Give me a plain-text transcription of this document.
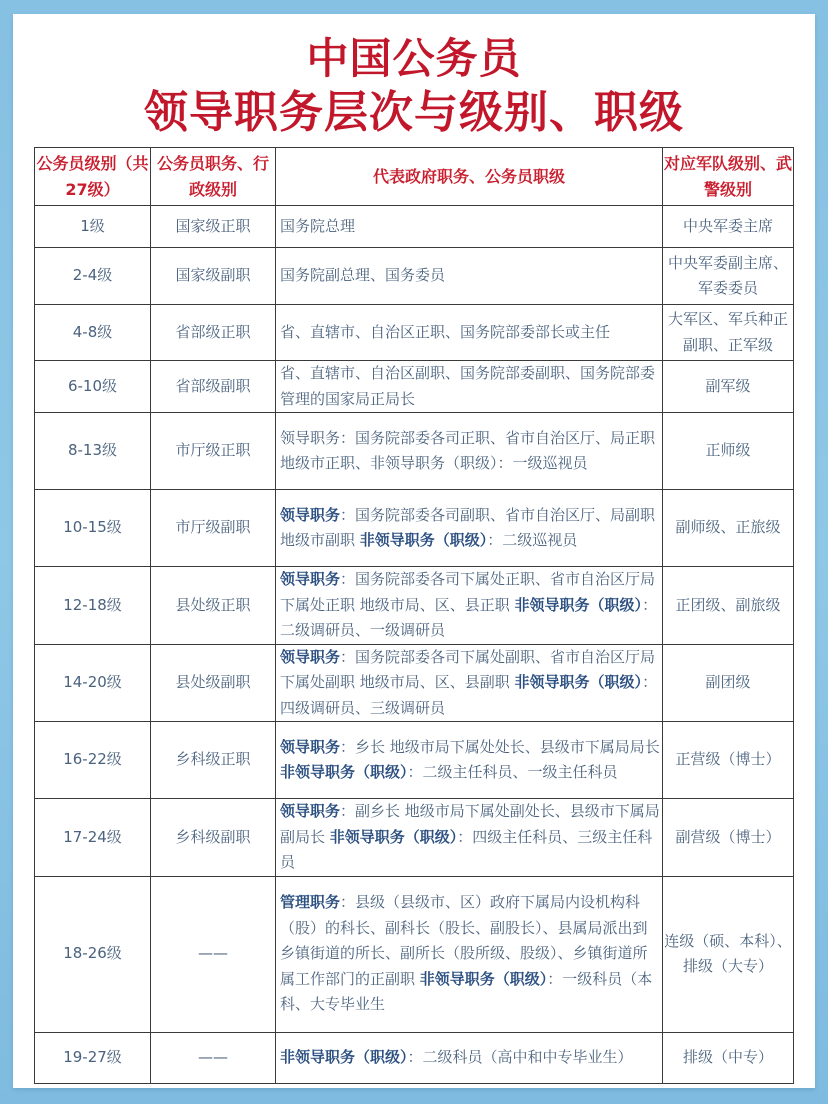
中国公务员
领导职务层次与级别、职级
公务员级别（共27级）	公务员职务、行政级别	代表政府职务、公务员职级	对应军队级别、武警级别
1级	国家级正职	国务院总理	中央军委主席
2-4级	国家级副职	国务院副总理、国务委员	中央军委副主席、军委委员
4-8级	省部级正职	省、直辖市、自治区正职、国务院部委部长或主任	大军区、军兵种正副职、正军级
6-10级	省部级副职	省、直辖市、自治区副职、国务院部委副职、国务院部委管理的国家局正局长	副军级
8-13级	市厅级正职	领导职务：国务院部委各司正职、省市自治区厅、局正职 地级市正职、非领导职务（职级）：一级巡视员	正师级
10-15级	市厅级副职	领导职务：国务院部委各司副职、省市自治区厅、局副职 地级市副职 非领导职务（职级）：二级巡视员	副师级、正旅级
12-18级	县处级正职	领导职务：国务院部委各司下属处正职、省市自治区厅局下属处正职 地级市局、区、县正职 非领导职务（职级）：二级调研员、一级调研员	正团级、副旅级
14-20级	县处级副职	领导职务：国务院部委各司下属处副职、省市自治区厅局下属处副职 地级市局、区、县副职 非领导职务（职级）：四级调研员、三级调研员	副团级
16-22级	乡科级正职	领导职务：乡长 地级市局下属处处长、县级市下属局局长 非领导职务（职级）：二级主任科员、一级主任科员	正营级（博士）
17-24级	乡科级副职	领导职务：副乡长 地级市局下属处副处长、县级市下属局副局长 非领导职务（职级）：四级主任科员、三级主任科员	副营级（博士）
18-26级	——	管理职务：县级（县级市、区）政府下属局内设机构科（股）的科长、副科长（股长、副股长）、县属局派出到乡镇街道的所长、副所长（股所级、股级）、乡镇街道所属工作部门的正副职 非领导职务（职级）：一级科员（本科、大专毕业生	连级（硕、本科）、排级（大专）
19-27级	——	非领导职务（职级）：二级科员（高中和中专毕业生）	排级（中专）
